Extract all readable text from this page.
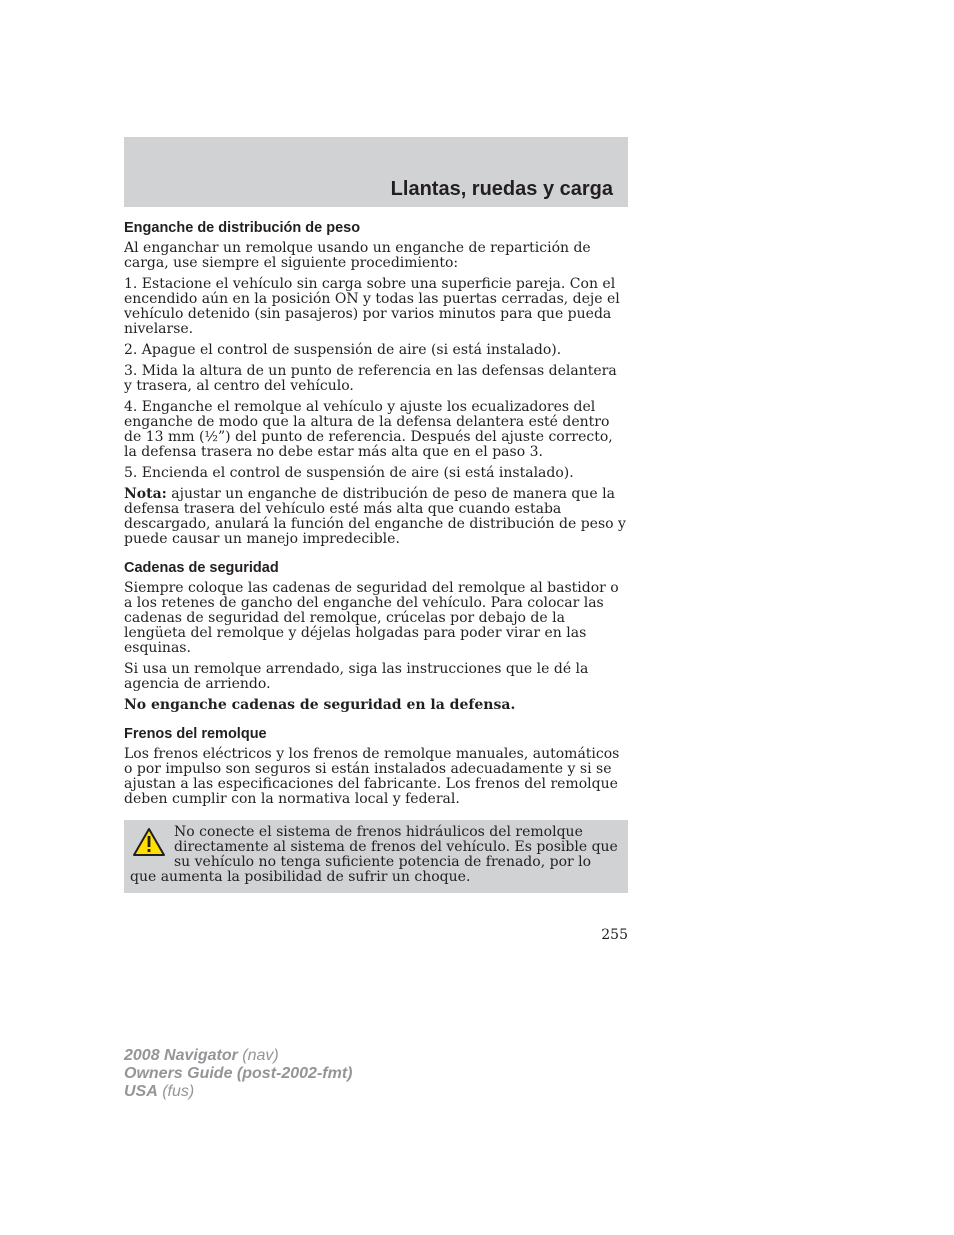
Llantas, ruedas y carga
Enganche de distribución de peso

Al enganchar un remolque usando un enganche de repartición de carga, use siempre el siguiente procedimiento:

1. Estacione el vehículo sin carga sobre una superficie pareja. Con el encendido aún en la posición ON y todas las puertas cerradas, deje el vehículo detenido (sin pasajeros) por varios minutos para que pueda nivelarse.

2. Apague el control de suspensión de aire (si está instalado).

3. Mida la altura de un punto de referencia en las defensas delantera y trasera, al centro del vehículo.

4. Enganche el remolque al vehículo y ajuste los ecualizadores del enganche de modo que la altura de la defensa delantera esté dentro de 13 mm (½”) del punto de referencia. Después del ajuste correcto, la defensa trasera no debe estar más alta que en el paso 3.

5. Encienda el control de suspensión de aire (si está instalado).

Nota: ajustar un enganche de distribución de peso de manera que la defensa trasera del vehículo esté más alta que cuando estaba descargado, anulará la función del enganche de distribución de peso y puede causar un manejo impredecible.

Cadenas de seguridad

Siempre coloque las cadenas de seguridad del remolque al bastidor o a los retenes de gancho del enganche del vehículo. Para colocar las cadenas de seguridad del remolque, crúcelas por debajo de la lengüeta del remolque y déjelas holgadas para poder virar en las esquinas.

Si usa un remolque arrendado, siga las instrucciones que le dé la agencia de arriendo.

No enganche cadenas de seguridad en la defensa.

Frenos del remolque

Los frenos eléctricos y los frenos de remolque manuales, automáticos o por impulso son seguros si están instalados adecuadamente y si se ajustan a las especificaciones del fabricante. Los frenos del remolque deben cumplir con la normativa local y federal.

No conecte el sistema de frenos hidráulicos del remolque directamente al sistema de frenos del vehículo. Es posible que su vehículo no tenga suficiente potencia de frenado, por lo que aumenta la posibilidad de sufrir un choque.
255
2008 Navigator (nav)
Owners Guide (post-2002-fmt)
USA (fus)
